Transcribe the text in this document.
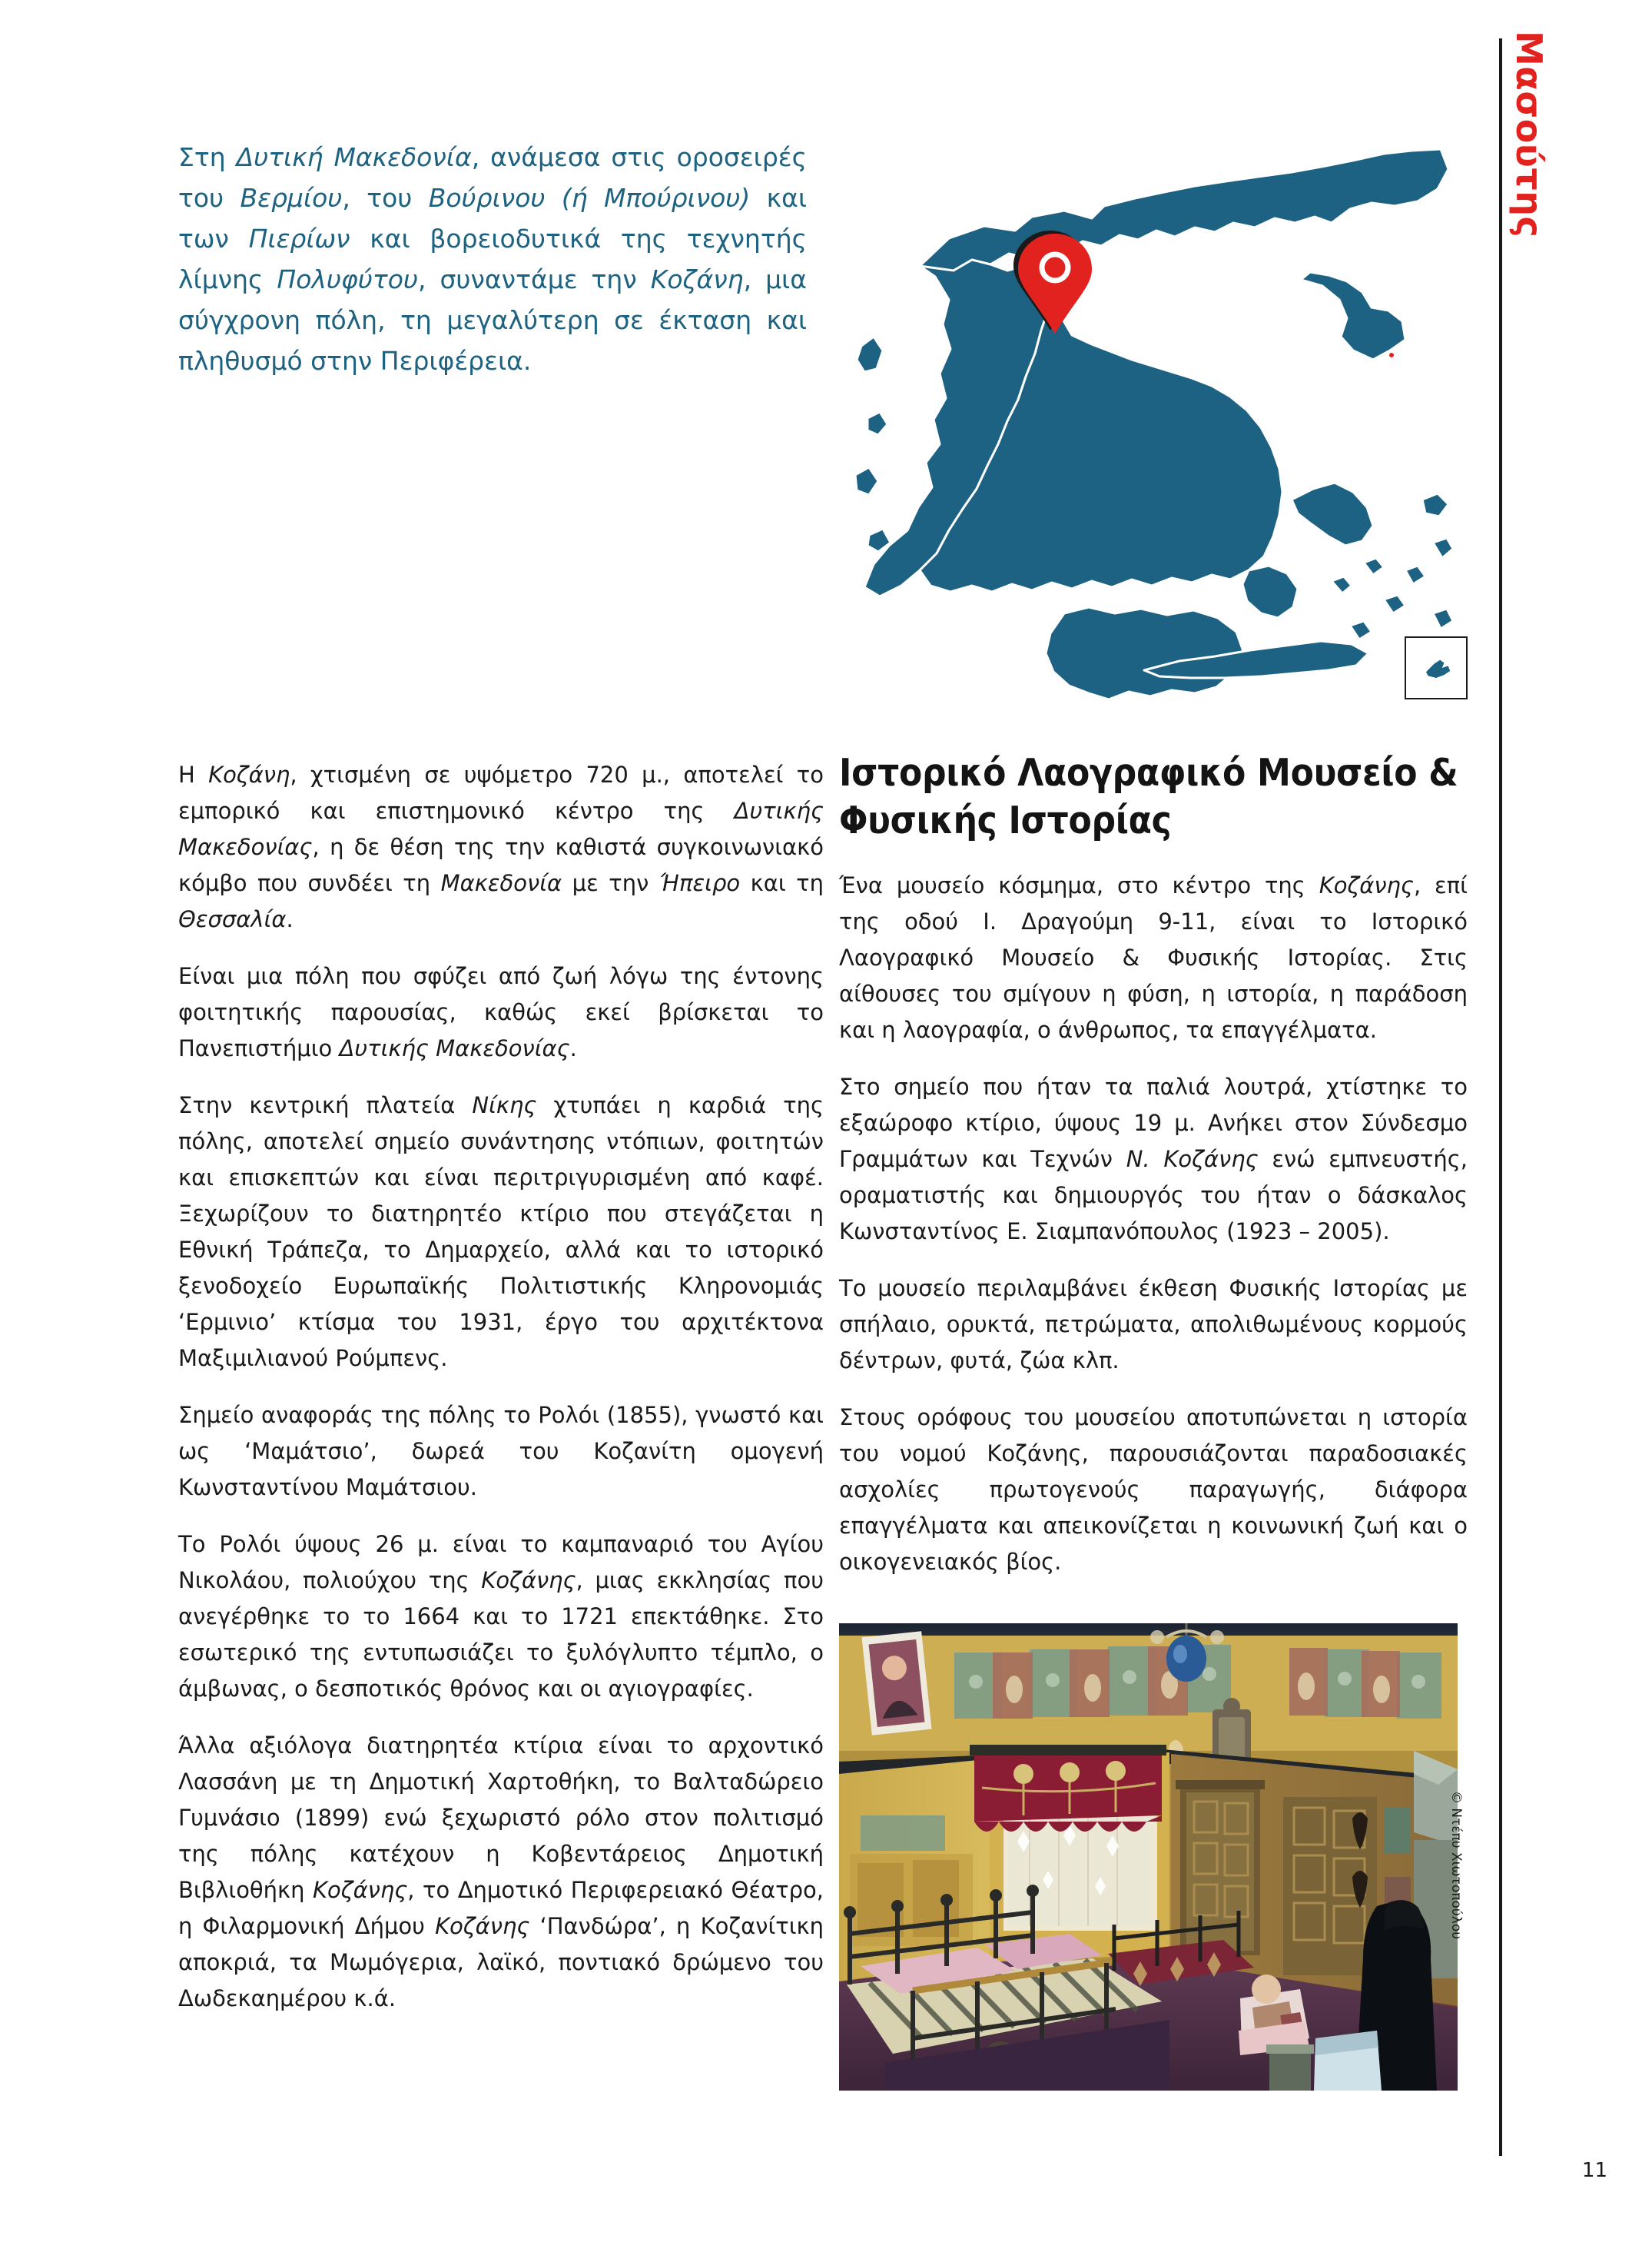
Μασούτης
11
Στη Δυτική Μακεδονία, ανάμεσα στις οροσειρές του Βερμίου, του Βούρινου (ή Μπούρινου) και των Πιερίων και βορειοδυτικά της τεχνητής λίμνης Πολυφύτου, συναντάμε την Κοζάνη, μια σύγχρονη πόλη, τη μεγαλύτερη σε έκταση και πληθυσμό στην Περιφέρεια.

Η Κοζάνη, χτισμένη σε υψόμετρο 720 μ., αποτελεί το εμπορικό και επιστημονικό κέντρο της Δυτικής Μακεδονίας, η δε θέση της την καθιστά συγκοινωνιακό κόμβο που συνδέει τη Μακεδονία με την Ήπειρο και τη Θεσσαλία.

Είναι μια πόλη που σφύζει από ζωή λόγω της έντονης φοιτητικής παρουσίας, καθώς εκεί βρίσκεται το Πανεπιστήμιο Δυτικής Μακεδονίας.

Στην κεντρική πλατεία Νίκης χτυπάει η καρδιά της πόλης, αποτελεί σημείο συνάντησης ντόπιων, φοιτητών και επισκεπτών και είναι περιτριγυρισμένη από καφέ. Ξεχωρίζουν το διατηρητέο κτίριο που στεγάζεται η Εθνική Τράπεζα, το Δημαρχείο, αλλά και το ιστορικό ξενοδοχείο Ευρωπαϊκής Πολιτιστικής Κληρονομιάς ‘Ερμινιο’ κτίσμα του 1931, έργο του αρχιτέκτονα Μαξιμιλιανού Ρούμπενς.

Σημείο αναφοράς της πόλης το Ρολόι (1855), γνωστό και ως ‘Μαμάτσιο’, δωρεά του Κοζανίτη ομογενή Κωνσταντίνου Μαμάτσιου.

Το Ρολόι ύψους 26 μ. είναι το καμπαναριό του Αγίου Νικολάου, πολιούχου της Κοζάνης, μιας εκκλησίας που ανεγέρθηκε το το 1664 και το 1721 επεκτάθηκε. Στο εσωτερικό της εντυπωσιάζει το ξυλόγλυπτο τέμπλο, ο άμβωνας, ο δεσποτικός θρόνος και οι αγιογραφίες.

Άλλα αξιόλογα διατηρητέα κτίρια είναι το αρχοντικό Λασσάνη με τη Δημοτική Χαρτοθήκη, το Βαλταδώρειο Γυμνάσιο (1899) ενώ ξεχωριστό ρόλο στον πολιτισμό της πόλης κατέχουν η Κοβεντάρειος Δημοτική Βιβλιοθήκη Κοζάνης, το Δημοτικό Περιφερειακό Θέατρο, η Φιλαρμονική Δήμου Κοζάνης ‘Πανδώρα’, η Κοζανίτικη αποκριά, τα Μωμόγερια, λαϊκό, ποντιακό δρώμενο του Δωδεκαημέρου κ.ά.

Ιστορικό Λαογραφικό Μουσείο & Φυσικής Ιστορίας

Ένα μουσείο κόσμημα, στο κέντρο της Κοζάνης, επί της οδού Ι. Δραγούμη 9-11, είναι το Ιστορικό Λαογραφικό Μουσείο & Φυσικής Ιστορίας. Στις αίθουσες του σμίγουν η φύση, η ιστορία, η παράδοση και η λαογραφία, ο άνθρωπος, τα επαγγέλματα.

Στο σημείο που ήταν τα παλιά λουτρά, χτίστηκε το εξαώροφο κτίριο, ύψους 19 μ. Ανήκει στον Σύνδεσμο Γραμμάτων και Τεχνών Ν. Κοζάνης ενώ εμπνευστής, οραματιστής και δημιουργός του ήταν ο δάσκαλος Κωνσταντίνος Ε. Σιαμπανόπουλος (1923 – 2005).

Το μουσείο περιλαμβάνει έκθεση Φυσικής Ιστορίας με σπήλαιο, ορυκτά, πετρώματα, απολιθωμένους κορμούς δέντρων, φυτά, ζώα κλπ.

Στους ορόφους του μουσείου αποτυπώνεται η ιστορία του νομού Κοζάνης, παρουσιάζονται παραδοσιακές ασχολίες πρωτογενούς παραγωγής, διάφορα επαγγέλματα και απεικονίζεται η κοινωνική ζωή και ο οικογενειακός βίος.

© Ντέπυ Χιωτοπούλου
